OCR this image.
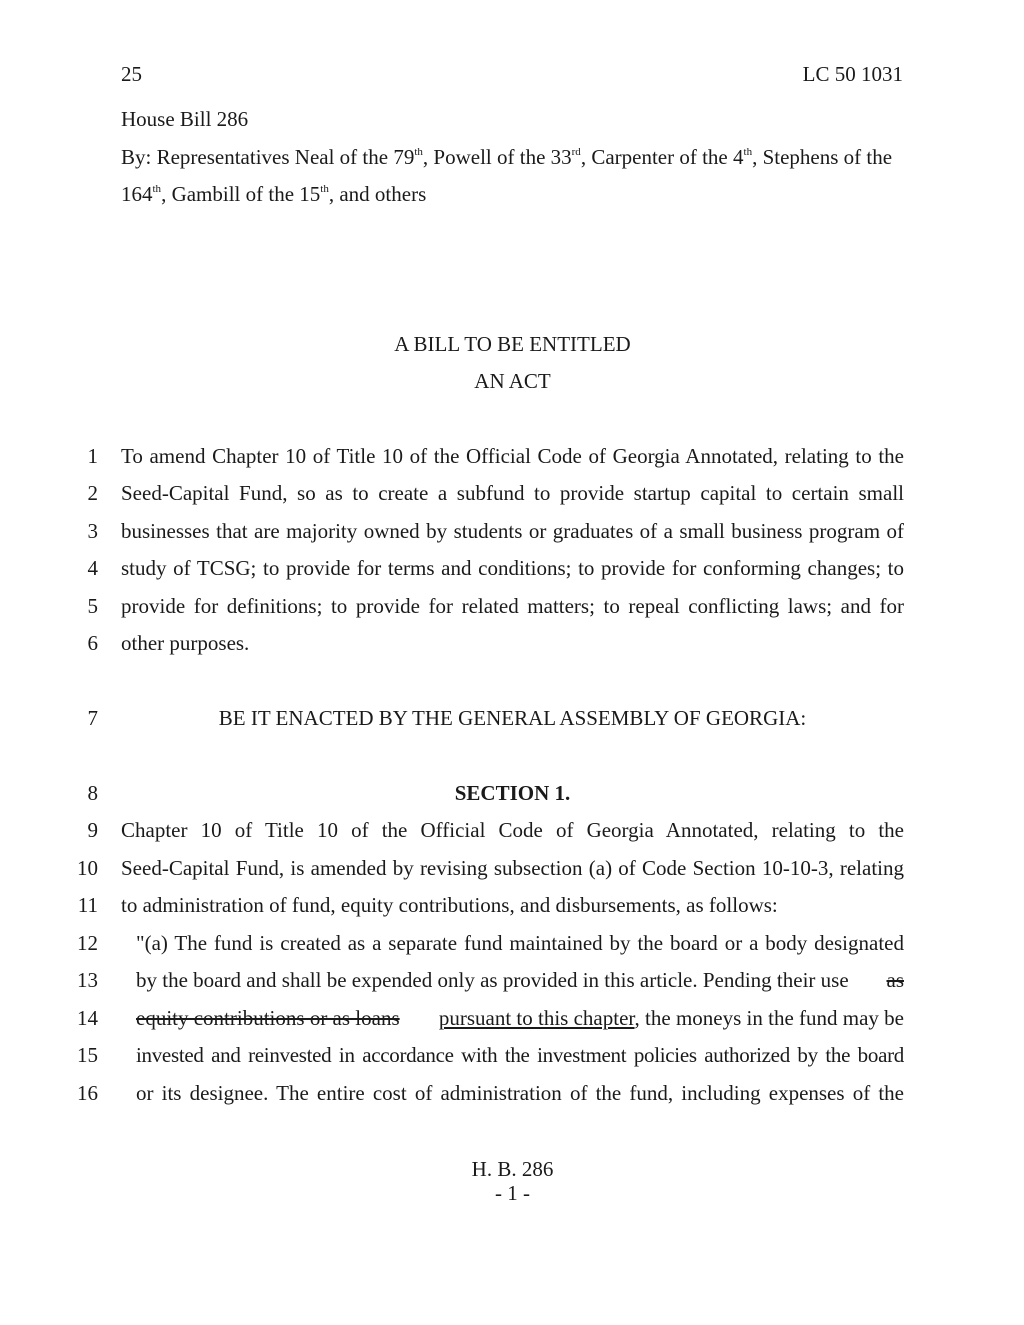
25	LC 50 1031
House Bill 286
By: Representatives Neal of the 79th, Powell of the 33rd, Carpenter of the 4th, Stephens of the
164th, Gambill of the 15th, and others
A BILL TO BE ENTITLED
AN ACT
1 To amend Chapter 10 of Title 10 of the Official Code of Georgia Annotated, relating to the
2 Seed-Capital Fund, so as to create a subfund to provide startup capital to certain small
3 businesses that are majority owned by students or graduates of a small business program of
4 study of TCSG; to provide for terms and conditions; to provide for conforming changes; to
5 provide for definitions; to provide for related matters; to repeal conflicting laws; and for
6 other purposes.
7	BE IT ENACTED BY THE GENERAL ASSEMBLY OF GEORGIA:
8	SECTION 1.
9 Chapter 10 of Title 10 of the Official Code of Georgia Annotated, relating to the
10 Seed-Capital Fund, is amended by revising subsection (a) of Code Section 10-10-3, relating
11 to administration of fund, equity contributions, and disbursements, as follows:
12 "(a) The fund is created as a separate fund maintained by the board or a body designated
13 by the board and shall be expended only as provided in this article. Pending their use as
14 equity contributions or as loans pursuant to this chapter, the moneys in the fund may be
15 invested and reinvested in accordance with the investment policies authorized by the board
16 or its designee. The entire cost of administration of the fund, including expenses of the
H. B. 286
- 1 -
